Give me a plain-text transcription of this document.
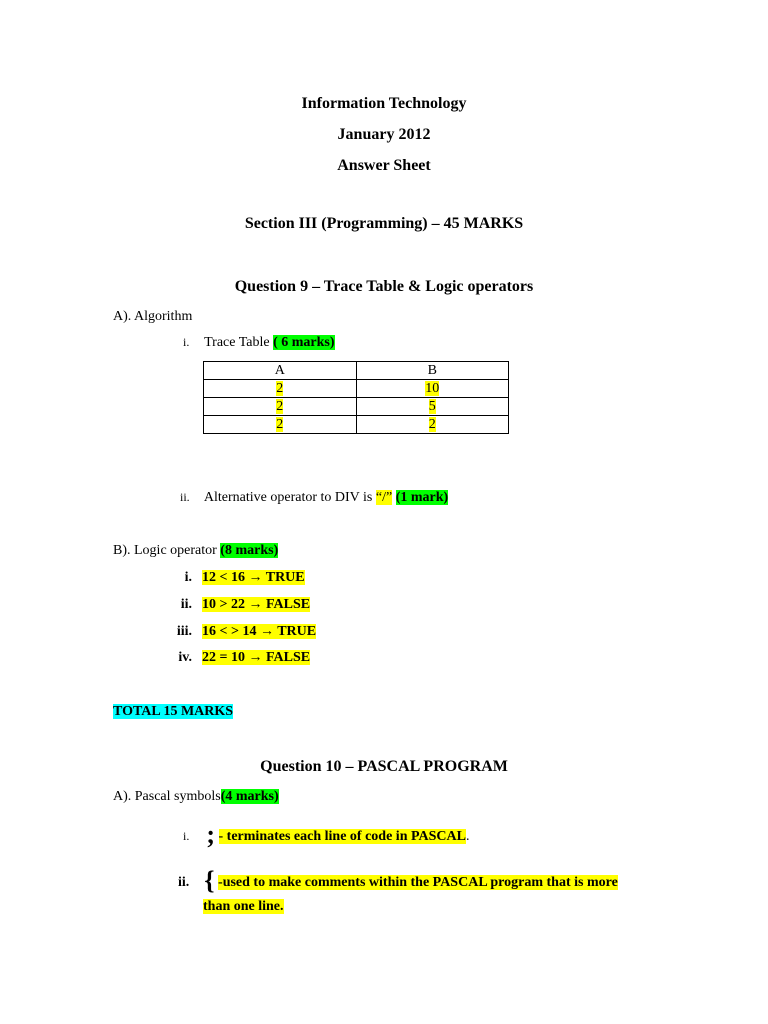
Information Technology
January 2012
Answer Sheet
Section III (Programming) – 45 MARKS
Question 9 – Trace Table & Logic operators
A). Algorithm
i. Trace Table ( 6 marks)
A	B
2	10
2	5
2	2
ii. Alternative operator to DIV is “/” (1 mark)
B). Logic operator (8 marks)
i. 12 < 16 → TRUE
ii. 10 > 22 → FALSE
iii. 16 < > 14 → TRUE
iv. 22 = 10 → FALSE
TOTAL 15 MARKS
Question 10 – PASCAL PROGRAM
A). Pascal symbols(4 marks)
i. ; - terminates each line of code in PASCAL.
ii. { -used to make comments within the PASCAL program that is more
than one line.
